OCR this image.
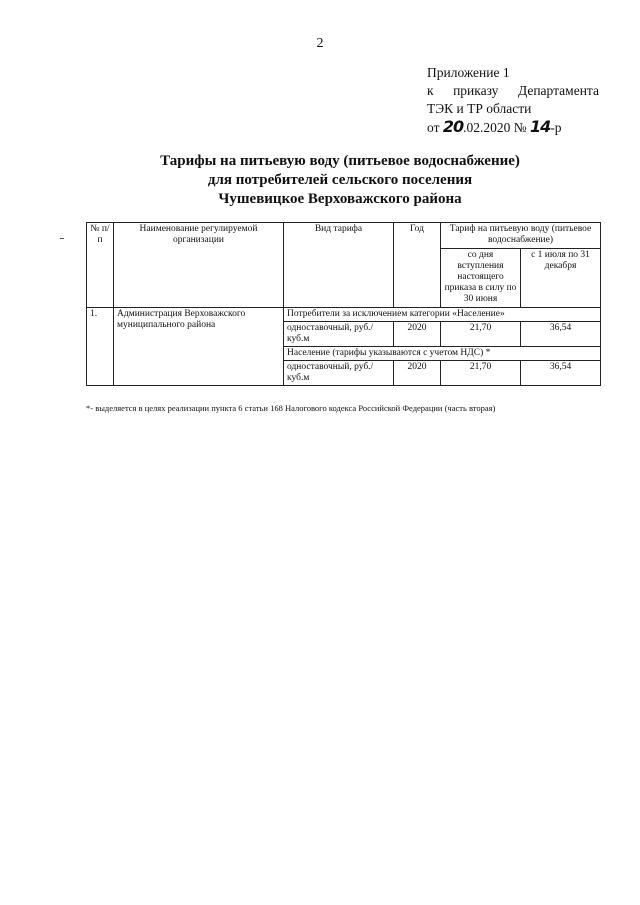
2
Приложение 1
к приказу Департамента
ТЭК и ТР области
от 20.02.2020 № 14-р
Тарифы на питьевую воду (питьевое водоснабжение)
для потребителей сельского поселения
Чушевицкое Верховажского района
№ п/п	Наименование регулируемой организации	Вид тарифа	Год	Тариф на питьевую воду (питьевое водоснабжение)	
				со дня вступления настоящего приказа в силу по 30 июня	с 1 июля по 31 декабря
1.	Администрация Верховажского муниципального района	Потребители за исключением категории «Население»			
		одноставочный, руб./куб.м	2020	21,70	36,54
		Население (тарифы указываются с учетом НДС) *			
		одноставочный, руб./куб.м	2020	21,70	36,54
*- выделяется в целях реализации пункта 6 статьи 168 Налогового кодекса Российской Федерации (часть вторая)
